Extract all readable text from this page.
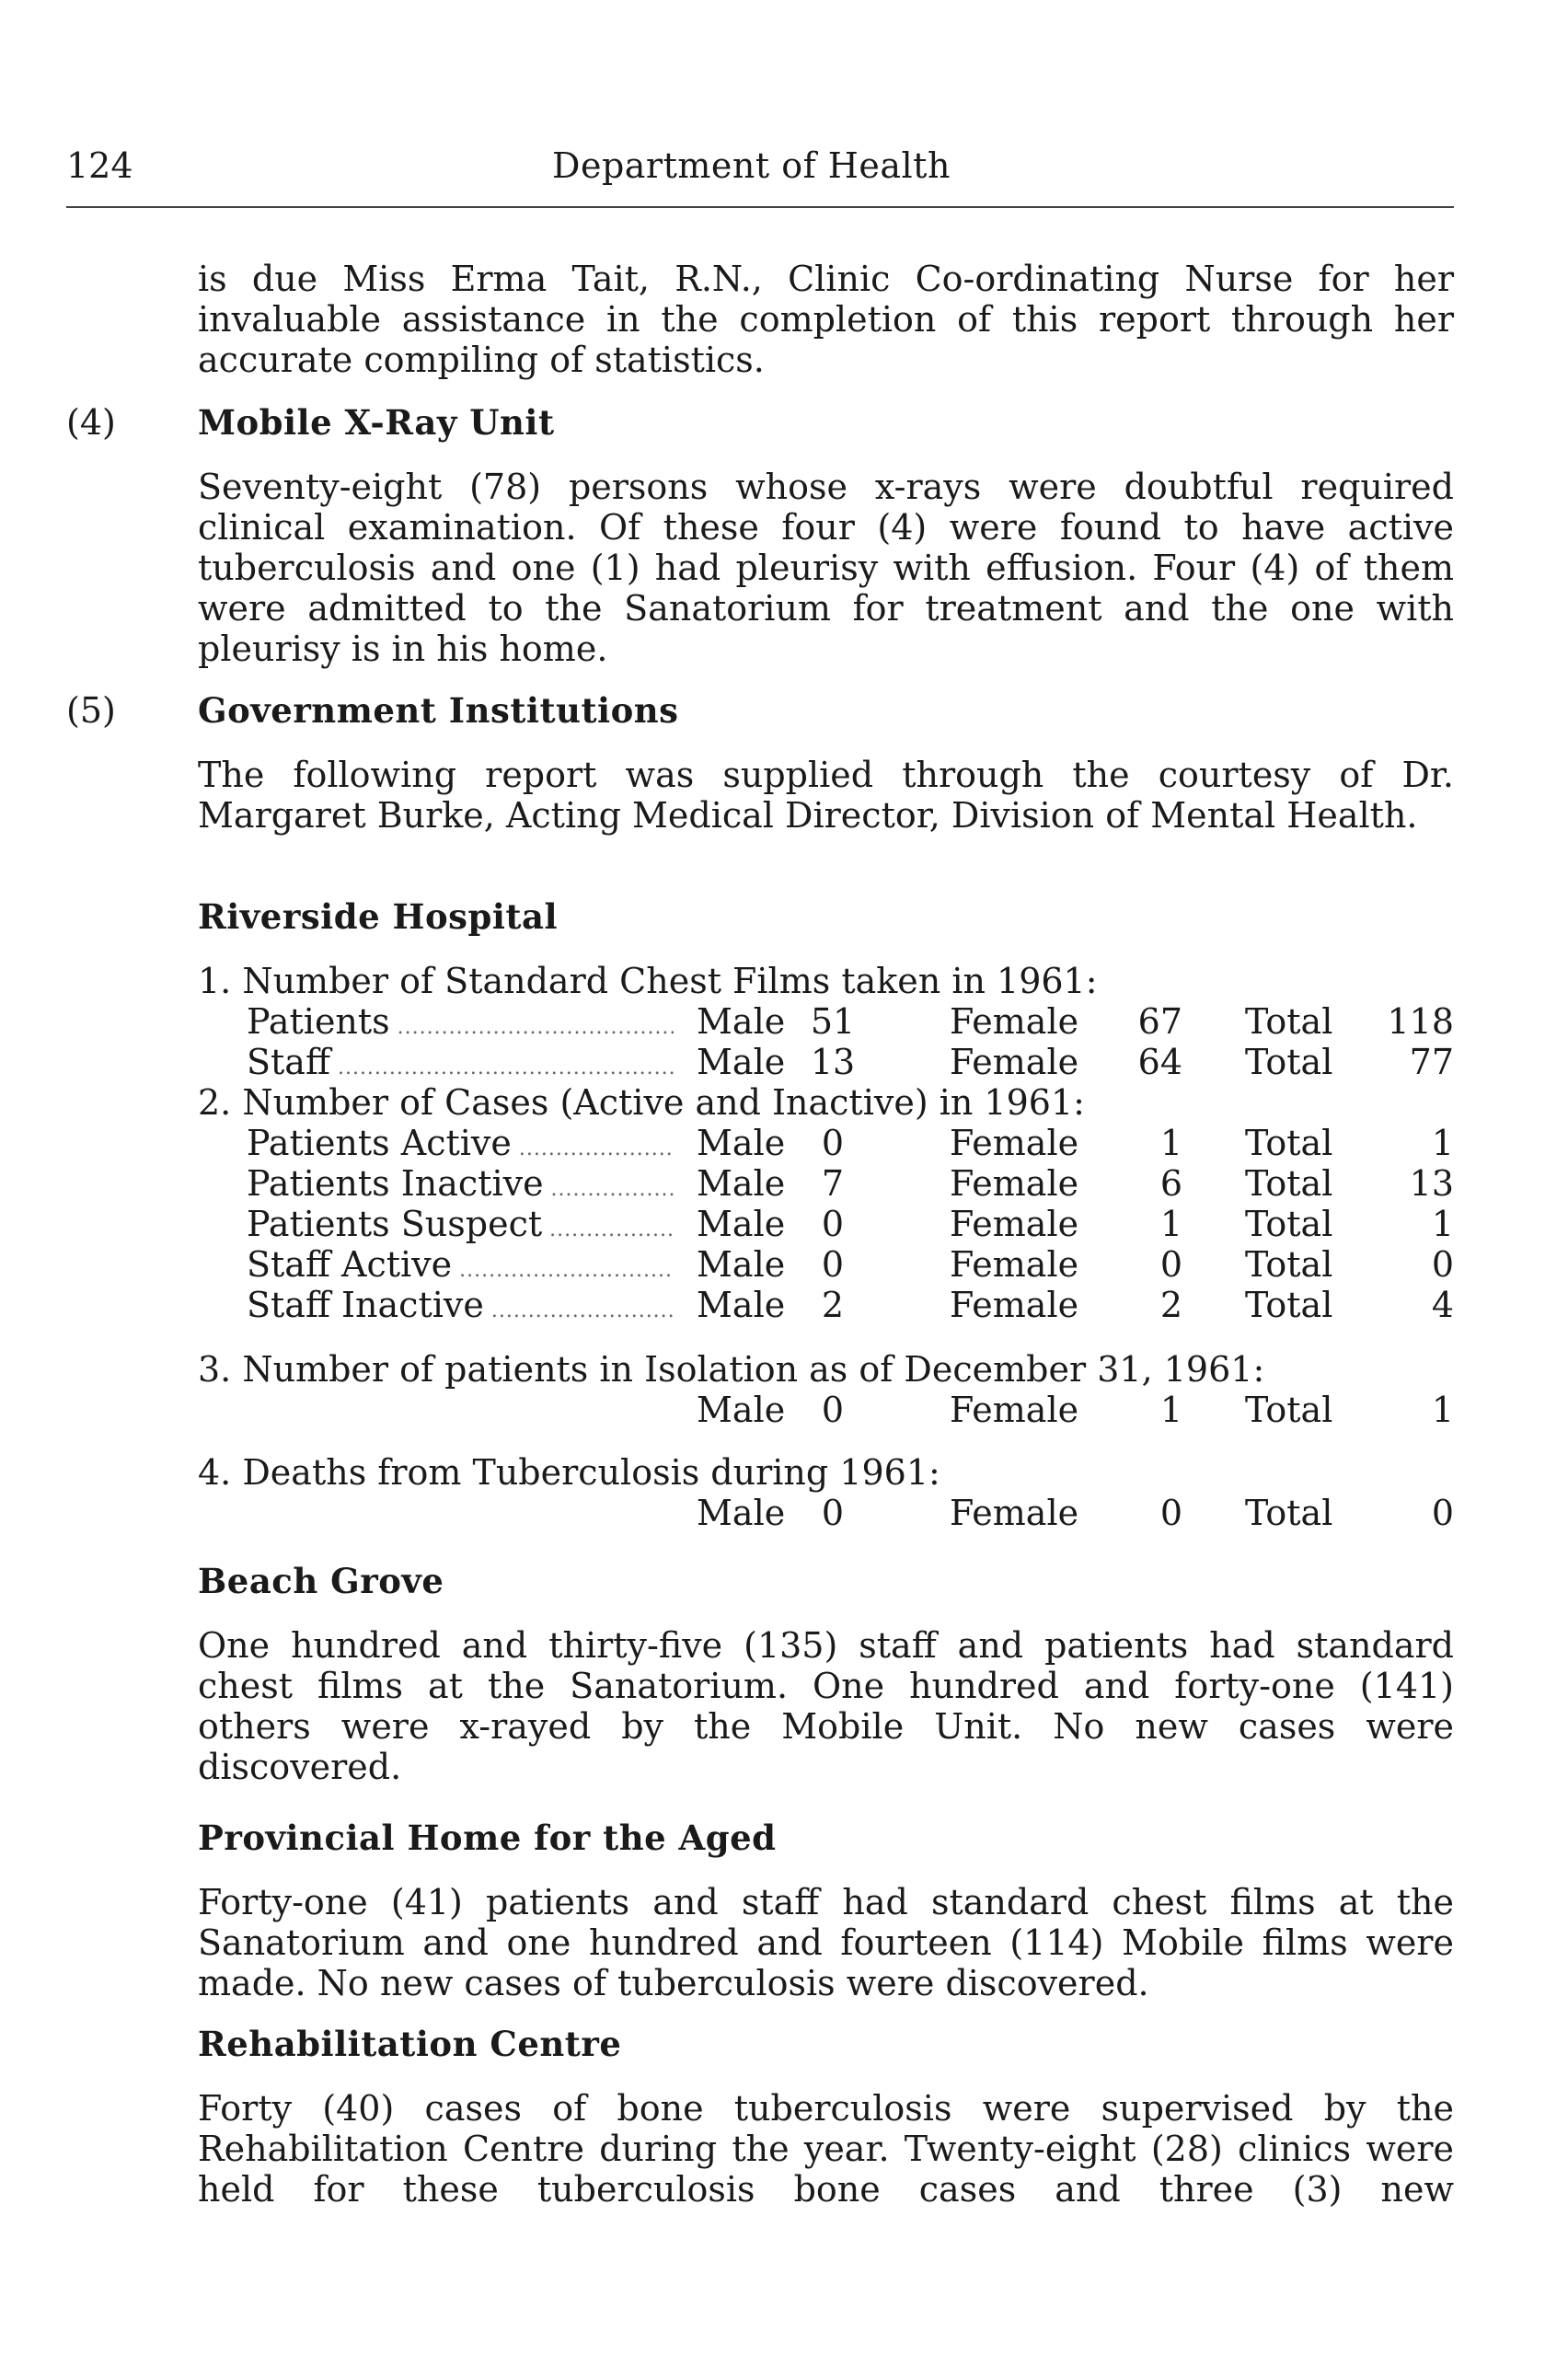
124	Department of Health
is due Miss Erma Tait, R.N., Clinic Co-ordinating Nurse for her invaluable assistance in the completion of this report through her accurate compiling of statistics.
(4) Mobile X-Ray Unit
Seventy-eight (78) persons whose x-rays were doubtful required clinical examination. Of these four (4) were found to have active tuberculosis and one (1) had pleurisy with effusion. Four (4) of them were admitted to the Sanatorium for treatment and the one with pleurisy is in his home.
(5) Government Institutions
The following report was supplied through the courtesy of Dr. Margaret Burke, Acting Medical Director, Division of Mental Health.
Riverside Hospital
1. Number of Standard Chest Films taken in 1961:
Patients .....	Male 51	Female	67 Total	118
Staff .....	Male 13	Female	64 Total	77
2. Number of Cases (Active and Inactive) in 1961:
Patients Active .....	Male	0	Female	1 Total	1
Patients Inactive .....	Male	7	Female	6 Total	13
Patients Suspect .....	Male	0	Female	1 Total	1
Staff Active .....	Male	0	Female	0 Total	0
Staff Inactive .....	Male	2	Female	2 Total	4
3. Number of patients in Isolation as of December 31, 1961:
Male	0	Female	1 Total	1
4. Deaths from Tuberculosis during 1961:
Male	0	Female	0 Total	0
Beach Grove
One hundred and thirty-five (135) staff and patients had standard chest films at the Sanatorium. One hundred and forty-one (141) others were x-rayed by the Mobile Unit. No new cases were discovered.
Provincial Home for the Aged
Forty-one (41) patients and staff had standard chest films at the Sanatorium and one hundred and fourteen (114) Mobile films were made. No new cases of tuberculosis were discovered.
Rehabilitation Centre
Forty (40) cases of bone tuberculosis were supervised by the Rehabilitation Centre during the year. Twenty-eight (28) clinics were held for these tuberculosis bone cases and three (3) new
